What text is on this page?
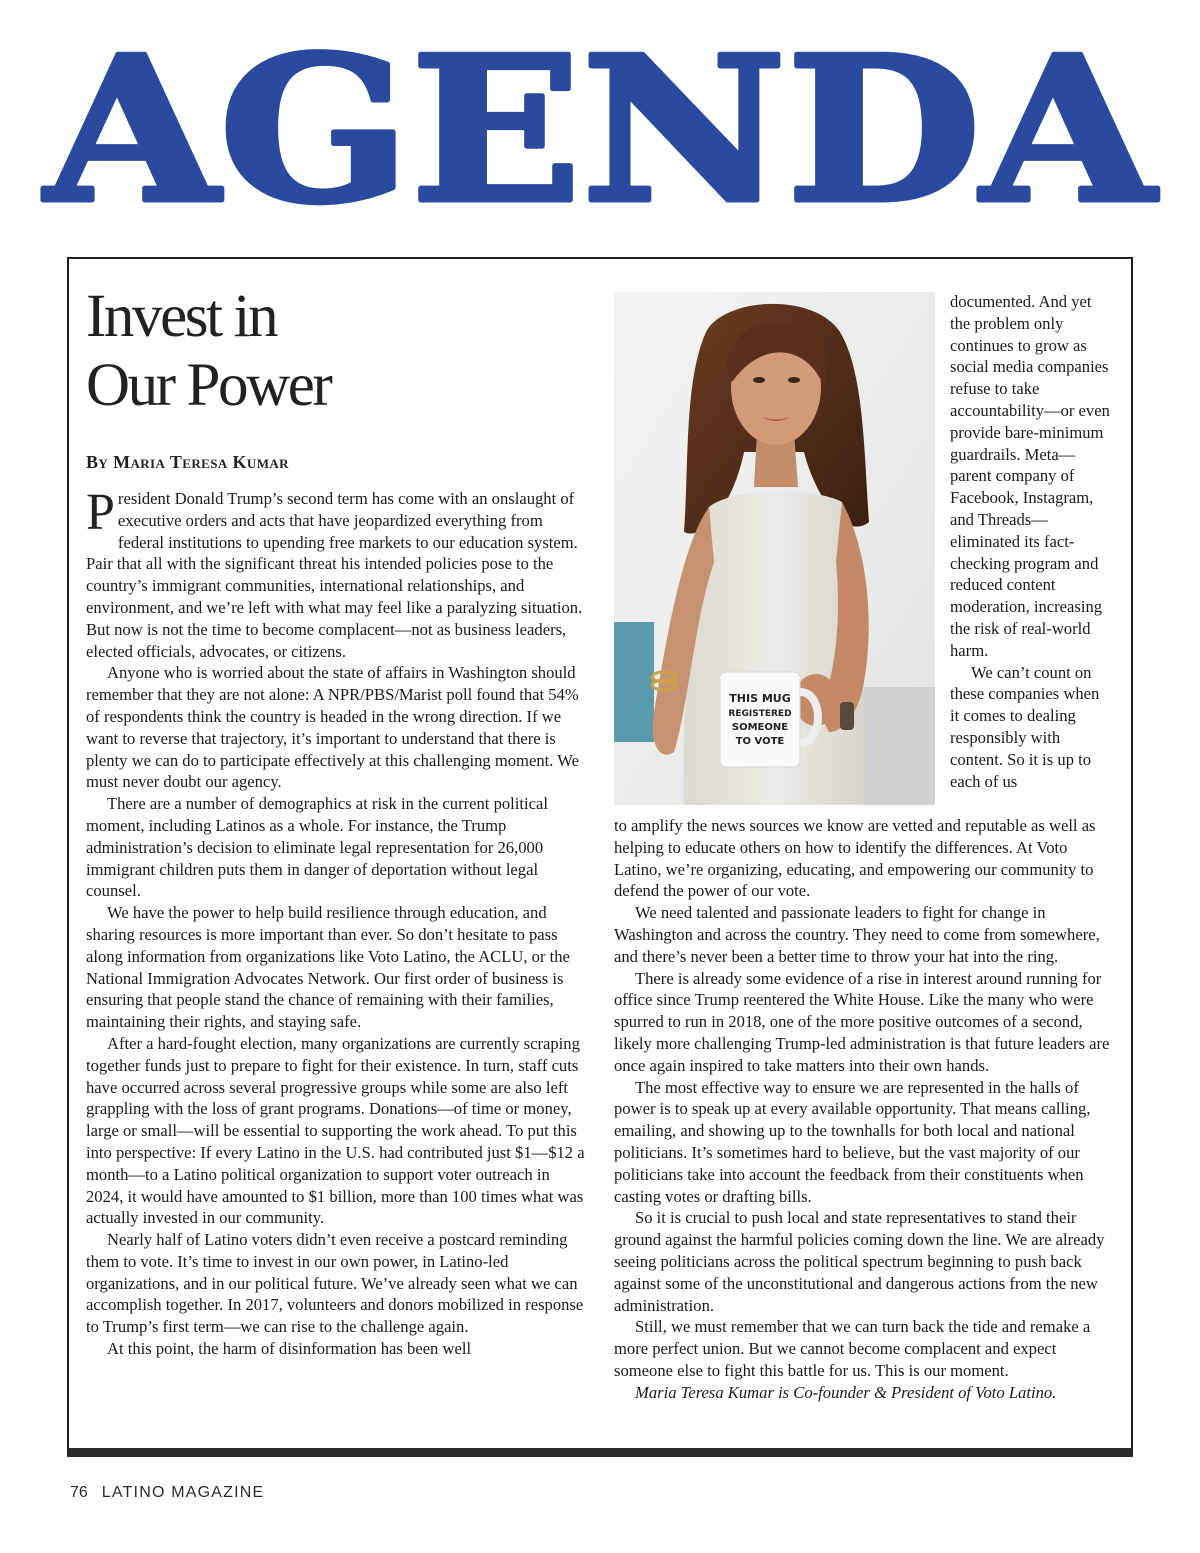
AGENDA
Invest in
Our Power

By Maria Teresa Kumar

President Donald Trump’s second term has come with an onslaught of executive orders and acts that have jeopardized everything from federal institutions to upending free markets to our education system. Pair that all with the significant threat his intended policies pose to the country’s immigrant communities, international relationships, and environment, and we’re left with what may feel like a paralyzing situation. But now is not the time to become complacent—not as business leaders, elected officials, advocates, or citizens.

Anyone who is worried about the state of affairs in Washington should remember that they are not alone: A NPR/PBS/Marist poll found that 54% of respondents think the country is headed in the wrong direction. If we want to reverse that trajectory, it’s important to understand that there is plenty we can do to participate effectively at this challenging moment. We must never doubt our agency.

There are a number of demographics at risk in the current political moment, including Latinos as a whole. For instance, the Trump administration’s decision to eliminate legal representation for 26,000 immigrant children puts them in danger of deportation without legal counsel.

We have the power to help build resilience through education, and sharing resources is more important than ever. So don’t hesitate to pass along information from organizations like Voto Latino, the ACLU, or the National Immigration Advocates Network. Our first order of business is ensuring that people stand the chance of remaining with their families, maintaining their rights, and staying safe.

After a hard-fought election, many organizations are currently scraping together funds just to prepare to fight for their existence. In turn, staff cuts have occurred across several progressive groups while some are also left grappling with the loss of grant programs. Donations—of time or money, large or small—will be essential to supporting the work ahead. To put this into perspective: If every Latino in the U.S. had contributed just $1—$12 a month—to a Latino political organization to support voter outreach in 2024, it would have amounted to $1 billion, more than 100 times what was actually invested in our community.

Nearly half of Latino voters didn’t even receive a postcard reminding them to vote. It’s time to invest in our own power, in Latino-led organizations, and in our political future. We’ve already seen what we can accomplish together. In 2017, volunteers and donors mobilized in response to Trump’s first term—we can rise to the challenge again.

At this point, the harm of disinformation has been well

THIS MUG
REGISTERED
SOMEONE
TO VOTE

documented. And yet the problem only continues to grow as social media companies refuse to take accountability—or even provide bare-minimum guardrails. Meta—parent company of Facebook, Instagram, and Threads—eliminated its fact-checking program and reduced content moderation, increasing the risk of real-world harm.

We can’t count on these companies when it comes to dealing responsibly with content. So it is up to each of us

to amplify the news sources we know are vetted and reputable as well as helping to educate others on how to identify the differences. At Voto Latino, we’re organizing, educating, and empowering our community to defend the power of our vote.

We need talented and passionate leaders to fight for change in Washington and across the country. They need to come from somewhere, and there’s never been a better time to throw your hat into the ring.

There is already some evidence of a rise in interest around running for office since Trump reentered the White House. Like the many who were spurred to run in 2018, one of the more positive outcomes of a second, likely more challenging Trump-led administration is that future leaders are once again inspired to take matters into their own hands.

The most effective way to ensure we are represented in the halls of power is to speak up at every available opportunity. That means calling, emailing, and showing up to the townhalls for both local and national politicians. It’s sometimes hard to believe, but the vast majority of our politicians take into account the feedback from their constituents when casting votes or drafting bills.

So it is crucial to push local and state representatives to stand their ground against the harmful policies coming down the line. We are already seeing politicians across the political spectrum beginning to push back against some of the unconstitutional and dangerous actions from the new administration.

Still, we must remember that we can turn back the tide and remake a more perfect union. But we cannot become complacent and expect someone else to fight this battle for us. This is our moment.

Maria Teresa Kumar is Co-founder & President of Voto Latino.

76 LATINO MAGAZINE
